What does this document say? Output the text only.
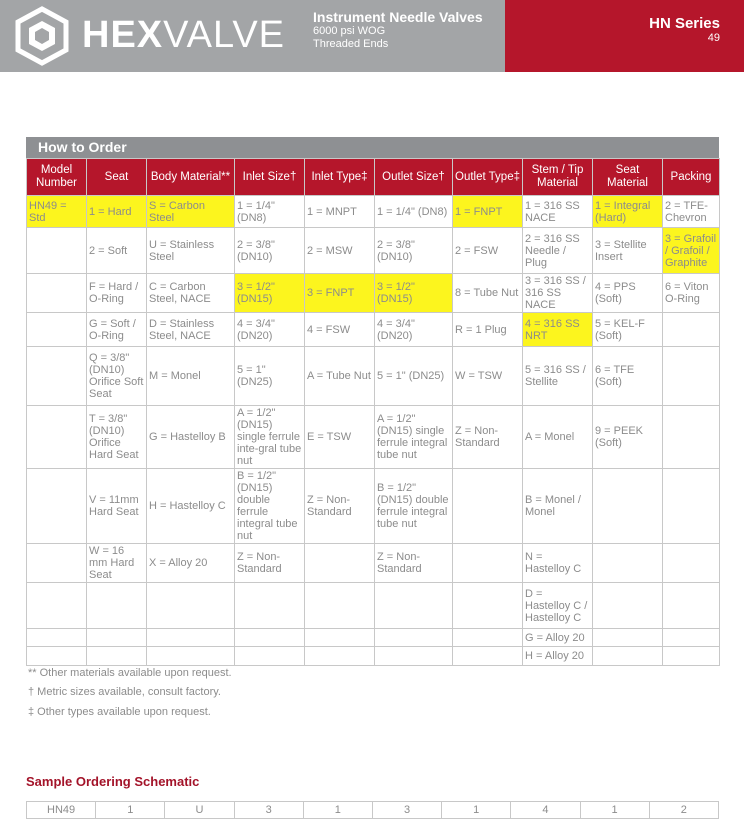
HEXVALVE Instrument Needle Valves
6000 psi WOG
Threaded Ends
HN Series
49
How to Order
Model Number	Seat	Body Material**	Inlet Size†	Inlet Type‡	Outlet Size†	Outlet Type‡	Stem / Tip Material	Seat Material	Packing
HN49 = Std	1 = Hard	S = Carbon Steel	1 = 1/4" (DN8)	1 = MNPT	1 = 1/4" (DN8)	1 = FNPT	1 = 316 SS NACE	1 = Integral (Hard)	2 = TFE-Chevron
	2 = Soft	U = Stainless Steel	2 = 3/8" (DN10)	2 = MSW	2 = 3/8" (DN10)	2 = FSW	2 = 316 SS Needle / Plug	3 = Stellite Insert	3 = Grafoil / Grafoil / Graphite
	F = Hard / O-Ring	C = Carbon Steel, NACE	3 = 1/2" (DN15)	3 = FNPT	3 = 1/2" (DN15)	8 = Tube Nut	3 = 316 SS / 316 SS NACE	4 = PPS (Soft)	6 = Viton O-Ring
	G = Soft / O-Ring	D = Stainless Steel, NACE	4 = 3/4" (DN20)	4 = FSW	4 = 3/4" (DN20)	R = 1 Plug	4 = 316 SS NRT	5 = KEL-F (Soft)	
	Q = 3/8" (DN10) Orifice Soft Seat	M = Monel	5 = 1" (DN25)	A = Tube Nut	5 = 1" (DN25)	W = TSW	5 = 316 SS / Stellite	6 = TFE (Soft)	
	T = 3/8" (DN10) Orifice Hard Seat	G = Hastelloy B	A = 1/2" (DN15) single ferrule inte-gral tube nut	E = TSW	A = 1/2" (DN15) single ferrule integral tube nut	Z = Non-Standard	A = Monel	9 = PEEK (Soft)	
	V = 11mm Hard Seat	H = Hastelloy C	B = 1/2" (DN15) double ferrule integral tube nut	Z = Non-Standard	B = 1/2" (DN15) double ferrule integral tube nut		B = Monel / Monel		
	W = 16 mm Hard Seat	X = Alloy 20	Z = Non-Standard		Z = Non-Standard		N = Hastelloy C		
							D = Hastelloy C / Hastelloy C		
							G = Alloy 20		
							H = Alloy 20		
** Other materials available upon request.
† Metric sizes available, consult factory.
‡ Other types available upon request.
Sample Ordering Schematic
HN49	1	U	3	1	3	1	4	1	2
